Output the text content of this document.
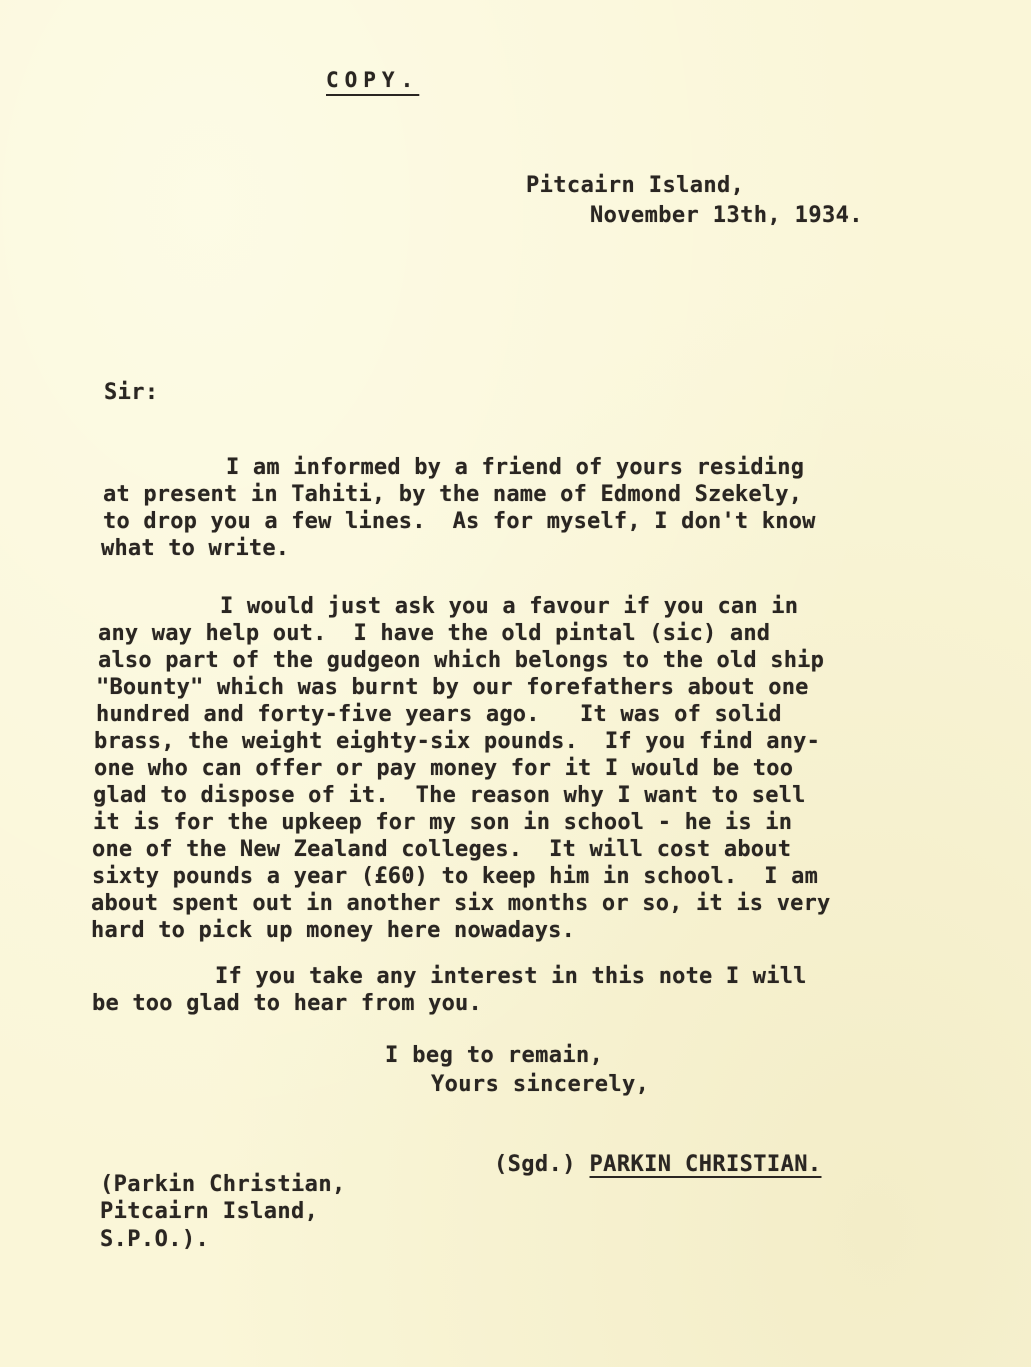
COPY.
Pitcairn Island,
November 13th, 1934.
Sir:
I am informed by a friend of yours residing
at present in Tahiti, by the name of Edmond Szekely,
to drop you a few lines.  As for myself, I don't know
what to write.
I would just ask you a favour if you can in
any way help out.  I have the old pintal (sic) and
also part of the gudgeon which belongs to the old ship
"Bounty" which was burnt by our forefathers about one
hundred and forty-five years ago.   It was of solid
brass, the weight eighty-six pounds.  If you find any-
one who can offer or pay money for it I would be too
glad to dispose of it.  The reason why I want to sell
it is for the upkeep for my son in school - he is in
one of the New Zealand colleges.  It will cost about
sixty pounds a year (£60) to keep him in school.  I am
about spent out in another six months or so, it is very
hard to pick up money here nowadays.
If you take any interest in this note I will
be too glad to hear from you.
I beg to remain,
Yours sincerely,
(Sgd.) PARKIN CHRISTIAN.
(Parkin Christian,
Pitcairn Island,
S.P.O.).
